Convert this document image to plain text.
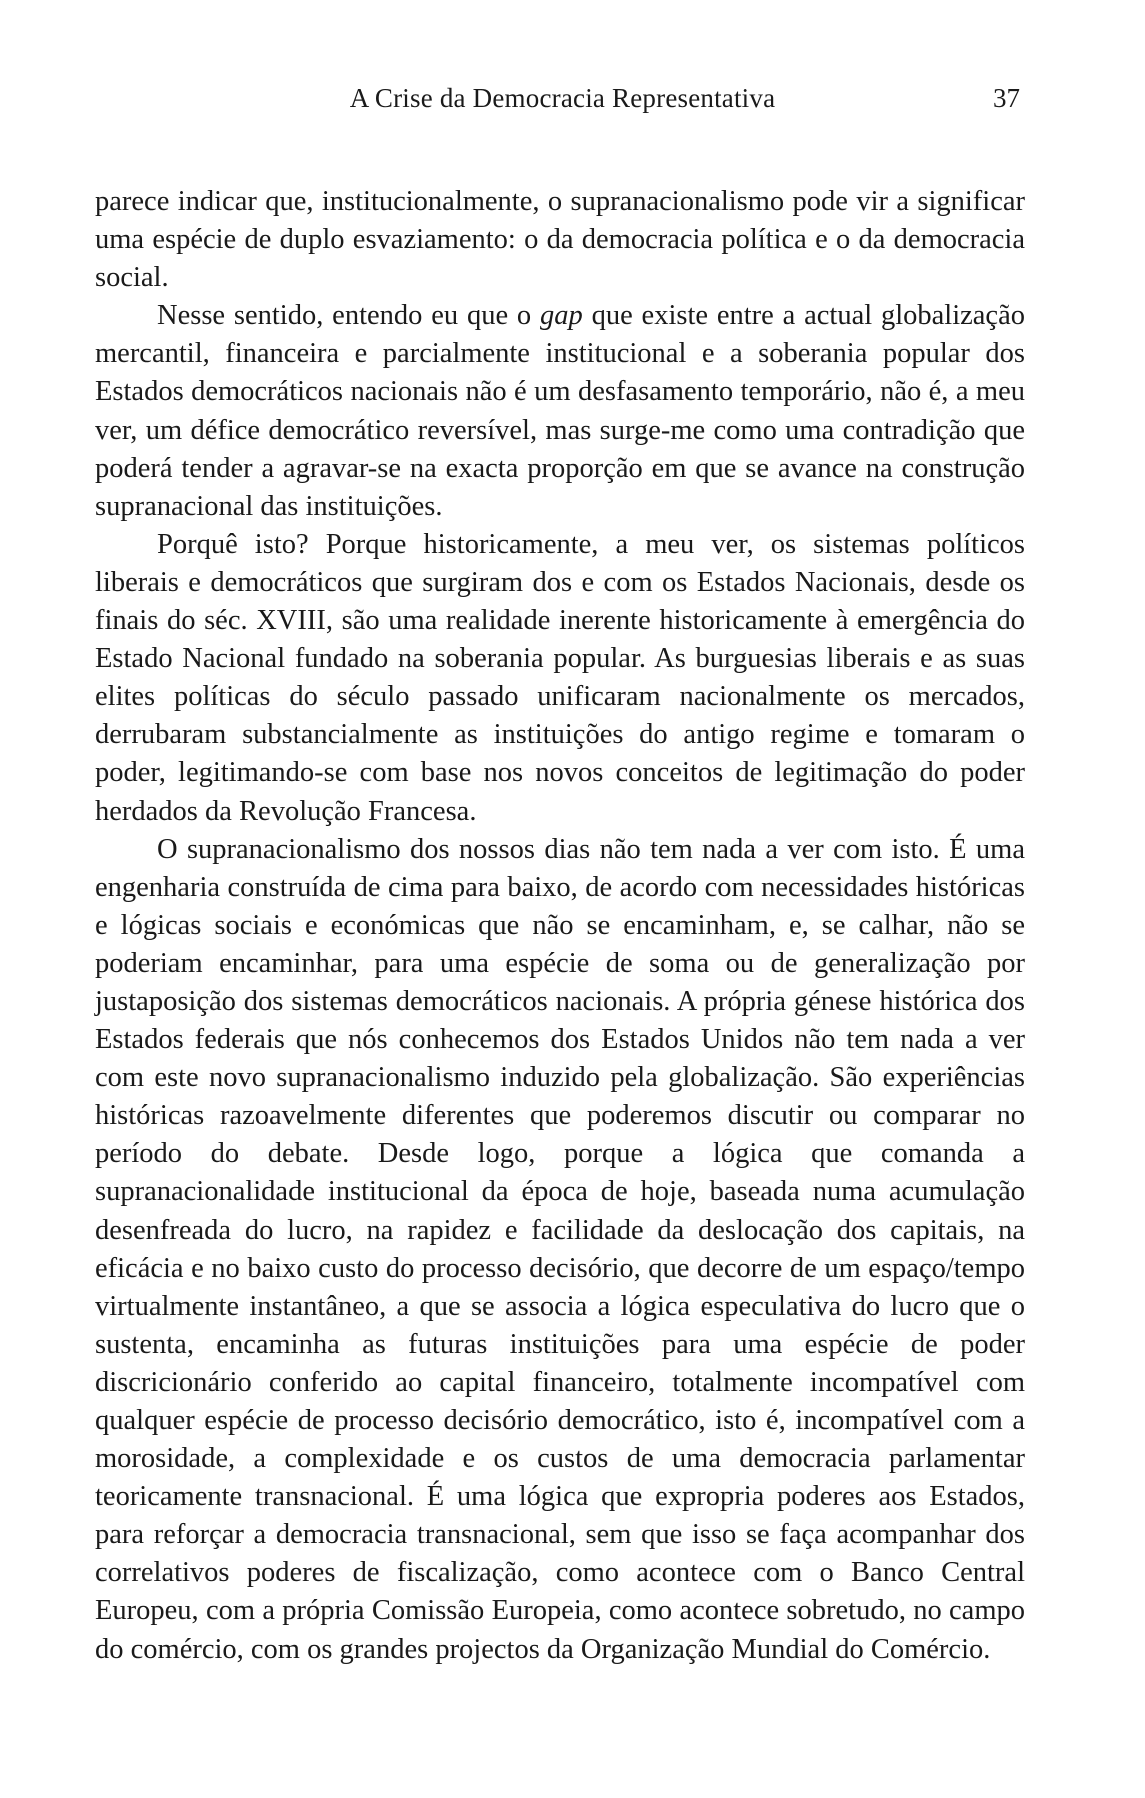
A Crise da Democracia Representativa	37

parece indicar que, institucionalmente, o supranacionalismo pode vir a significar uma espécie de duplo esvaziamento: o da democracia política e o da democracia social.

Nesse sentido, entendo eu que o gap que existe entre a actual globalização mercantil, financeira e parcialmente institucional e a soberania popular dos Estados democráticos nacionais não é um desfasamento temporário, não é, a meu ver, um défice democrático reversível, mas surge-me como uma contradição que poderá tender a agravar-se na exacta proporção em que se avance na construção supranacional das instituições.

Porquê isto? Porque historicamente, a meu ver, os sistemas políticos liberais e democráticos que surgiram dos e com os Estados Nacionais, desde os finais do séc. XVIII, são uma realidade inerente historicamente à emergência do Estado Nacional fundado na soberania popular. As burguesias liberais e as suas elites políticas do século passado unificaram nacionalmente os mercados, derrubaram substancialmente as instituições do antigo regime e tomaram o poder, legitimando-se com base nos novos conceitos de legitimação do poder herdados da Revolução Francesa.

O supranacionalismo dos nossos dias não tem nada a ver com isto. É uma engenharia construída de cima para baixo, de acordo com necessidades históricas e lógicas sociais e económicas que não se encaminham, e, se calhar, não se poderiam encaminhar, para uma espécie de soma ou de generalização por justaposição dos sistemas democráticos nacionais. A própria génese histórica dos Estados federais que nós conhecemos dos Estados Unidos não tem nada a ver com este novo supranacionalismo induzido pela globalização. São experiências históricas razoavelmente diferentes que poderemos discutir ou comparar no período do debate. Desde logo, porque a lógica que comanda a supranacionalidade institucional da época de hoje, baseada numa acumulação desenfreada do lucro, na rapidez e facilidade da deslocação dos capitais, na eficácia e no baixo custo do processo decisório, que decorre de um espaço/tempo virtualmente instantâneo, a que se associa a lógica especulativa do lucro que o sustenta, encaminha as futuras instituições para uma espécie de poder discricionário conferido ao capital financeiro, totalmente incompatível com qualquer espécie de processo decisório democrático, isto é, incompatível com a morosidade, a complexidade e os custos de uma democracia parlamentar teoricamente transnacional. É uma lógica que expropria poderes aos Estados, para reforçar a democracia transnacional, sem que isso se faça acompanhar dos correlativos poderes de fiscalização, como acontece com o Banco Central Europeu, com a própria Comissão Europeia, como acontece sobretudo, no campo do comércio, com os grandes projectos da Organização Mundial do Comércio.
